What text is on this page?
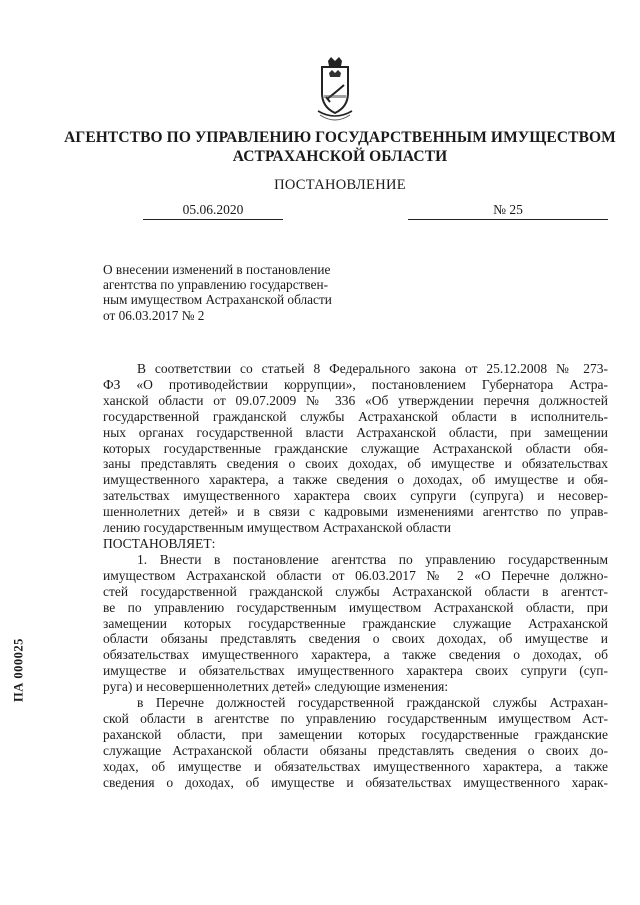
АГЕНТСТВО ПО УПРАВЛЕНИЮ ГОСУДАРСТВЕННЫМ ИМУЩЕСТВОМ
АСТРАХАНСКОЙ ОБЛАСТИ
ПОСТАНОВЛЕНИЕ
05.06.2020	№ 25
О внесении изменений в постановление
агентства по управлению государствен-
ным имуществом Астраханской области
от 06.03.2017 № 2
В соответствии со статьей 8 Федерального закона от 25.12.2008 № 273-
ФЗ «О противодействии коррупции», постановлением Губернатора Астра-
ханской области от 09.07.2009 № 336 «Об утверждении перечня должностей
государственной гражданской службы Астраханской области в исполнитель-
ных органах государственной власти Астраханской области, при замещении
которых государственные гражданские служащие Астраханской области обя-
заны представлять сведения о своих доходах, об имуществе и обязательствах
имущественного характера, а также сведения о доходах, об имуществе и обя-
зательствах имущественного характера своих супруги (супруга) и несовер-
шеннолетних детей» и в связи с кадровыми изменениями агентство по управ-
лению государственным имуществом Астраханской области
ПОСТАНОВЛЯЕТ:
1. Внести в постановление агентства по управлению государственным
имуществом Астраханской области от 06.03.2017 № 2 «О Перечне должно-
стей государственной гражданской службы Астраханской области в агентст-
ве по управлению государственным имуществом Астраханской области, при
замещении которых государственные гражданские служащие Астраханской
области обязаны представлять сведения о своих доходах, об имуществе и
обязательствах имущественного характера, а также сведения о доходах, об
имуществе и обязательствах имущественного характера своих супруги (суп-
руга) и несовершеннолетних детей» следующие изменения:
в Перечне должностей государственной гражданской службы Астрахан-
ской области в агентстве по управлению государственным имуществом Аст-
раханской области, при замещении которых государственные гражданские
служащие Астраханской области обязаны представлять сведения о своих до-
ходах, об имуществе и обязательствах имущественного характера, а также
сведения о доходах, об имуществе и обязательствах имущественного харак-
ПА 000025
